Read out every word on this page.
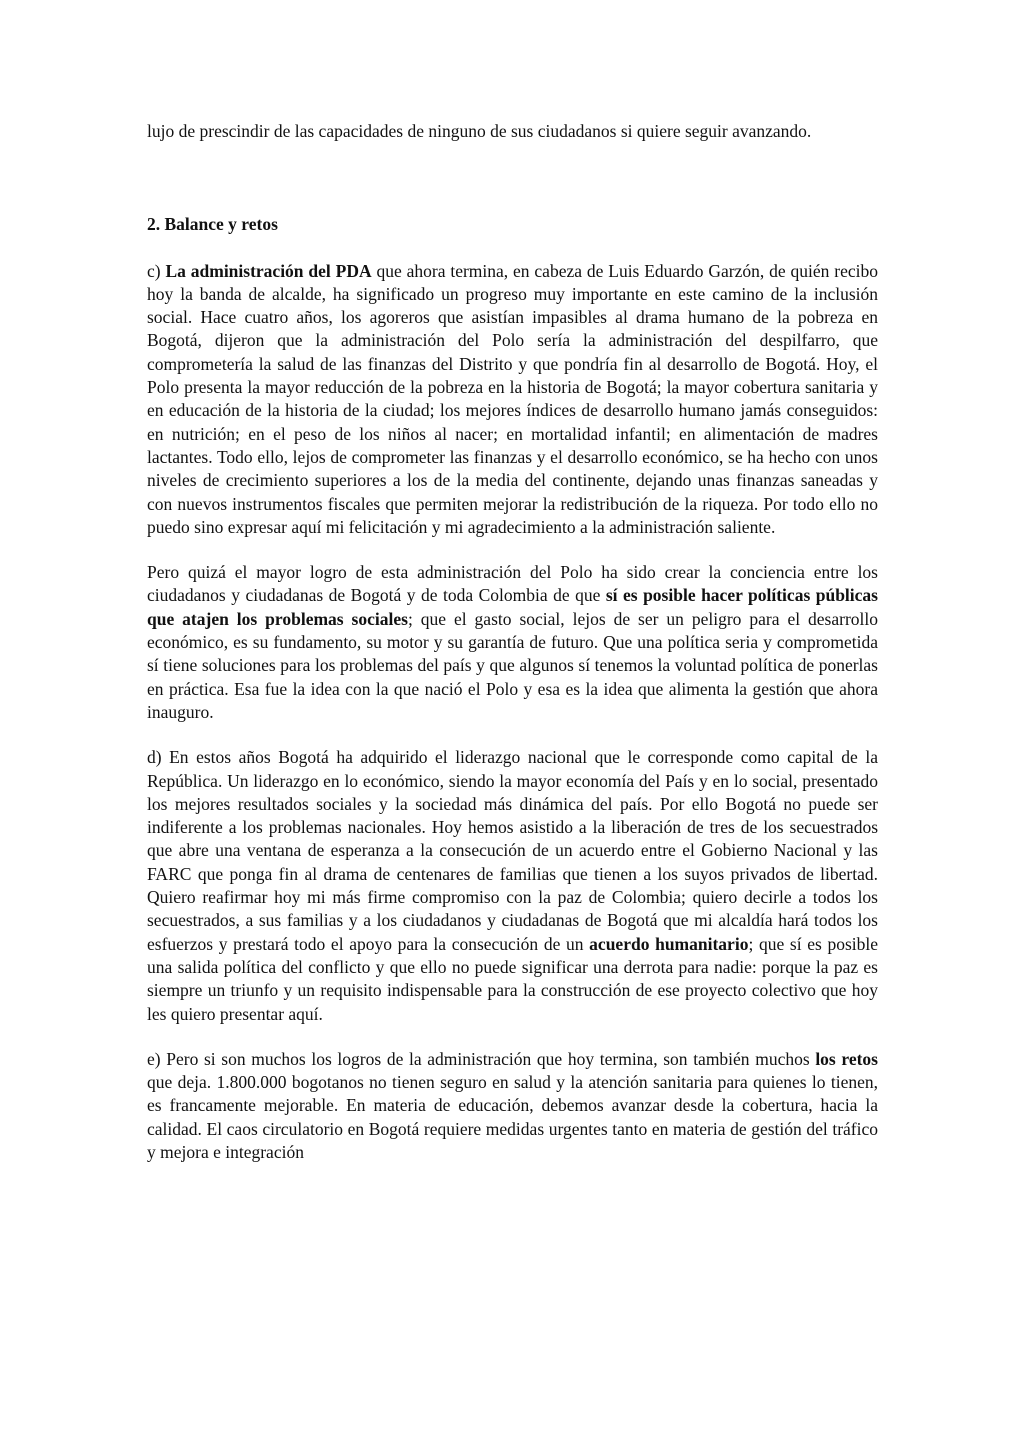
lujo de prescindir de las capacidades de ninguno de sus ciudadanos si quiere seguir avanzando.

2. Balance y retos

c) La administración del PDA que ahora termina, en cabeza de Luis Eduardo Garzón, de quién recibo hoy la banda de alcalde, ha significado un progreso muy importante en este camino de la inclusión social. Hace cuatro años, los agoreros que asistían impasibles al drama humano de la pobreza en Bogotá, dijeron que la administración del Polo sería la administración del despilfarro, que comprometería la salud de las finanzas del Distrito y que pondría fin al desarrollo de Bogotá. Hoy, el Polo presenta la mayor reducción de la pobreza en la historia de Bogotá; la mayor cobertura sanitaria y en educación de la historia de la ciudad; los mejores índices de desarrollo humano jamás conseguidos: en nutrición; en el peso de los niños al nacer; en mortalidad infantil; en alimentación de madres lactantes. Todo ello, lejos de comprometer las finanzas y el desarrollo económico, se ha hecho con unos niveles de crecimiento superiores a los de la media del continente, dejando unas finanzas saneadas y con nuevos instrumentos fiscales que permiten mejorar la redistribución de la riqueza. Por todo ello no puedo sino expresar aquí mi felicitación y mi agradecimiento a la administración saliente.

Pero quizá el mayor logro de esta administración del Polo ha sido crear la conciencia entre los ciudadanos y ciudadanas de Bogotá y de toda Colombia de que sí es posible hacer políticas públicas que atajen los problemas sociales; que el gasto social, lejos de ser un peligro para el desarrollo económico, es su fundamento, su motor y su garantía de futuro. Que una política seria y comprometida sí tiene soluciones para los problemas del país y que algunos sí tenemos la voluntad política de ponerlas en práctica. Esa fue la idea con la que nació el Polo y esa es la idea que alimenta la gestión que ahora inauguro.

d) En estos años Bogotá ha adquirido el liderazgo nacional que le corresponde como capital de la República. Un liderazgo en lo económico, siendo la mayor economía del País y en lo social, presentado los mejores resultados sociales y la sociedad más dinámica del país. Por ello Bogotá no puede ser indiferente a los problemas nacionales. Hoy hemos asistido a la liberación de tres de los secuestrados que abre una ventana de esperanza a la consecución de un acuerdo entre el Gobierno Nacional y las FARC que ponga fin al drama de centenares de familias que tienen a los suyos privados de libertad. Quiero reafirmar hoy mi más firme compromiso con la paz de Colombia; quiero decirle a todos los secuestrados, a sus familias y a los ciudadanos y ciudadanas de Bogotá que mi alcaldía hará todos los esfuerzos y prestará todo el apoyo para la consecución de un acuerdo humanitario; que sí es posible una salida política del conflicto y que ello no puede significar una derrota para nadie: porque la paz es siempre un triunfo y un requisito indispensable para la construcción de ese proyecto colectivo que hoy les quiero presentar aquí.

e) Pero si son muchos los logros de la administración que hoy termina, son también muchos los retos que deja. 1.800.000 bogotanos no tienen seguro en salud y la atención sanitaria para quienes lo tienen, es francamente mejorable. En materia de educación, debemos avanzar desde la cobertura, hacia la calidad. El caos circulatorio en Bogotá requiere medidas urgentes tanto en materia de gestión del tráfico y mejora e integración
